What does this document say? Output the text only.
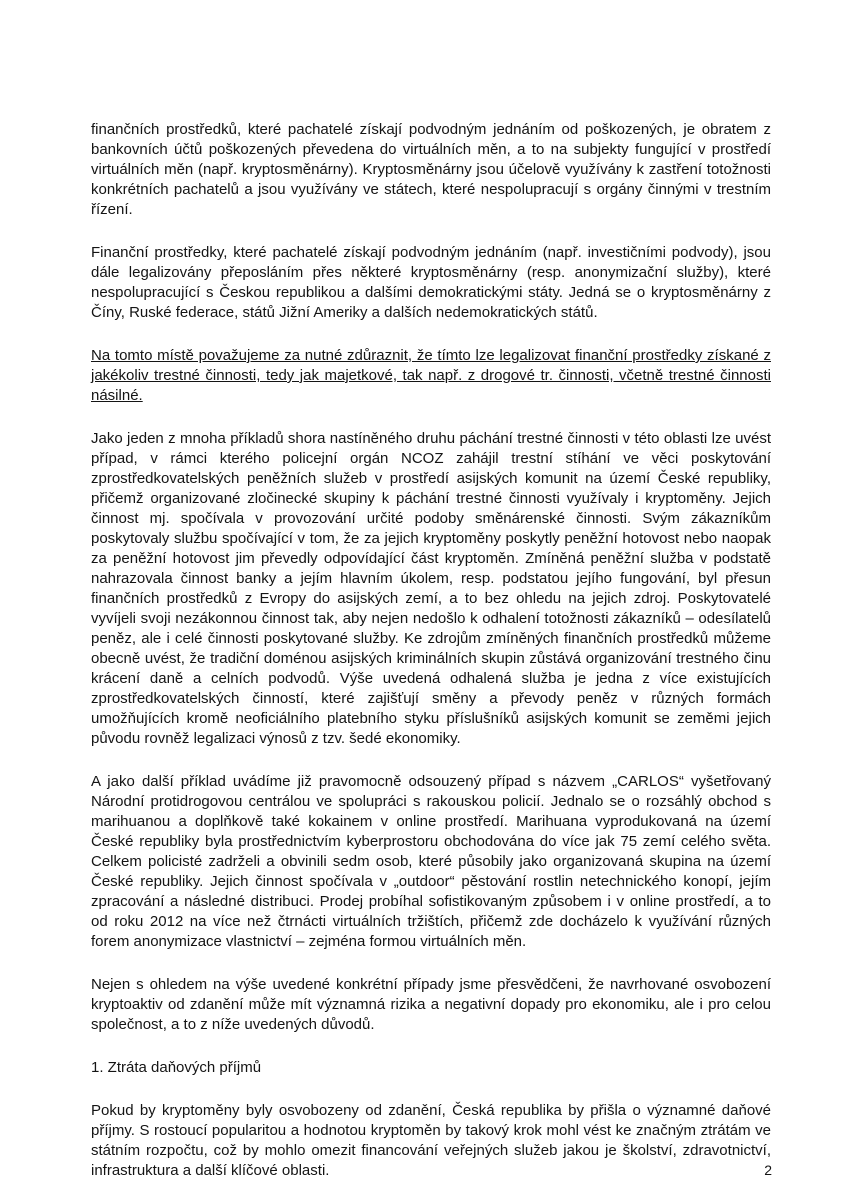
finančních prostředků, které pachatelé získají podvodným jednáním od poškozených, je obratem z bankovních účtů poškozených převedena do virtuálních měn, a to na subjekty fungující v prostředí virtuálních měn (např. kryptosměnárny). Kryptosměnárny jsou účelově využívány k zastření totožnosti konkrétních pachatelů a jsou využívány ve státech, které nespolupracují s orgány činnými v trestním řízení.

Finanční prostředky, které pachatelé získají podvodným jednáním (např. investičními podvody), jsou dále legalizovány přeposláním přes některé kryptosměnárny (resp. anonymizační služby), které nespolupracující s Českou republikou a dalšími demokratickými státy. Jedná se o kryptosměnárny z Číny, Ruské federace, států Jižní Ameriky a dalších nedemokratických států.

Na tomto místě považujeme za nutné zdůraznit, že tímto lze legalizovat finanční prostředky získané z jakékoliv trestné činnosti, tedy jak majetkové, tak např. z drogové tr. činnosti, včetně trestné činnosti násilné.

Jako jeden z mnoha příkladů shora nastíněného druhu páchání trestné činnosti v této oblasti lze uvést případ, v rámci kterého policejní orgán NCOZ zahájil trestní stíhání ve věci poskytování zprostředkovatelských peněžních služeb v prostředí asijských komunit na území České republiky, přičemž organizované zločinecké skupiny k páchání trestné činnosti využívaly i kryptoměny. Jejich činnost mj. spočívala v provozování určité podoby směnárenské činnosti. Svým zákazníkům poskytovaly službu spočívající v tom, že za jejich kryptoměny poskytly peněžní hotovost nebo naopak za peněžní hotovost jim převedly odpovídající část kryptoměn. Zmíněná peněžní služba v podstatě nahrazovala činnost banky a jejím hlavním úkolem, resp. podstatou jejího fungování, byl přesun finančních prostředků z Evropy do asijských zemí, a to bez ohledu na jejich zdroj. Poskytovatelé vyvíjeli svoji nezákonnou činnost tak, aby nejen nedošlo k odhalení totožnosti zákazníků – odesílatelů peněz, ale i celé činnosti poskytované služby. Ke zdrojům zmíněných finančních prostředků můžeme obecně uvést, že tradiční doménou asijských kriminálních skupin zůstává organizování trestného činu krácení daně a celních podvodů. Výše uvedená odhalená služba je jedna z více existujících zprostředkovatelských činností, které zajišťují směny a převody peněz v různých formách umožňujících kromě neoficiálního platebního styku příslušníků asijských komunit se zeměmi jejich původu rovněž legalizaci výnosů z tzv. šedé ekonomiky.

A jako další příklad uvádíme již pravomocně odsouzený případ s názvem „CARLOS“ vyšetřovaný Národní protidrogovou centrálou ve spolupráci s rakouskou policií. Jednalo se o rozsáhlý obchod s marihuanou a doplňkově také kokainem v online prostředí. Marihuana vyprodukovaná na území České republiky byla prostřednictvím kyberprostoru obchodována do více jak 75 zemí celého světa. Celkem policisté zadrželi a obvinili sedm osob, které působily jako organizovaná skupina na území České republiky. Jejich činnost spočívala v „outdoor“ pěstování rostlin netechnického konopí, jejím zpracování a následné distribuci. Prodej probíhal sofistikovaným způsobem i v online prostředí, a to od roku 2012 na více než čtrnácti virtuálních tržištích, přičemž zde docházelo k využívání různých forem anonymizace vlastnictví – zejména formou virtuálních měn.

Nejen s ohledem na výše uvedené konkrétní případy jsme přesvědčeni, že navrhované osvobození kryptoaktiv od zdanění může mít významná rizika a negativní dopady pro ekonomiku, ale i pro celou společnost, a to z níže uvedených důvodů.

1. Ztráta daňových příjmů

Pokud by kryptoměny byly osvobozeny od zdanění, Česká republika by přišla o významné daňové příjmy. S rostoucí popularitou a hodnotou kryptoměn by takový krok mohl vést ke značným ztrátám ve státním rozpočtu, což by mohlo omezit financování veřejných služeb jakou je školství, zdravotnictví, infrastruktura a další klíčové oblasti.	2
